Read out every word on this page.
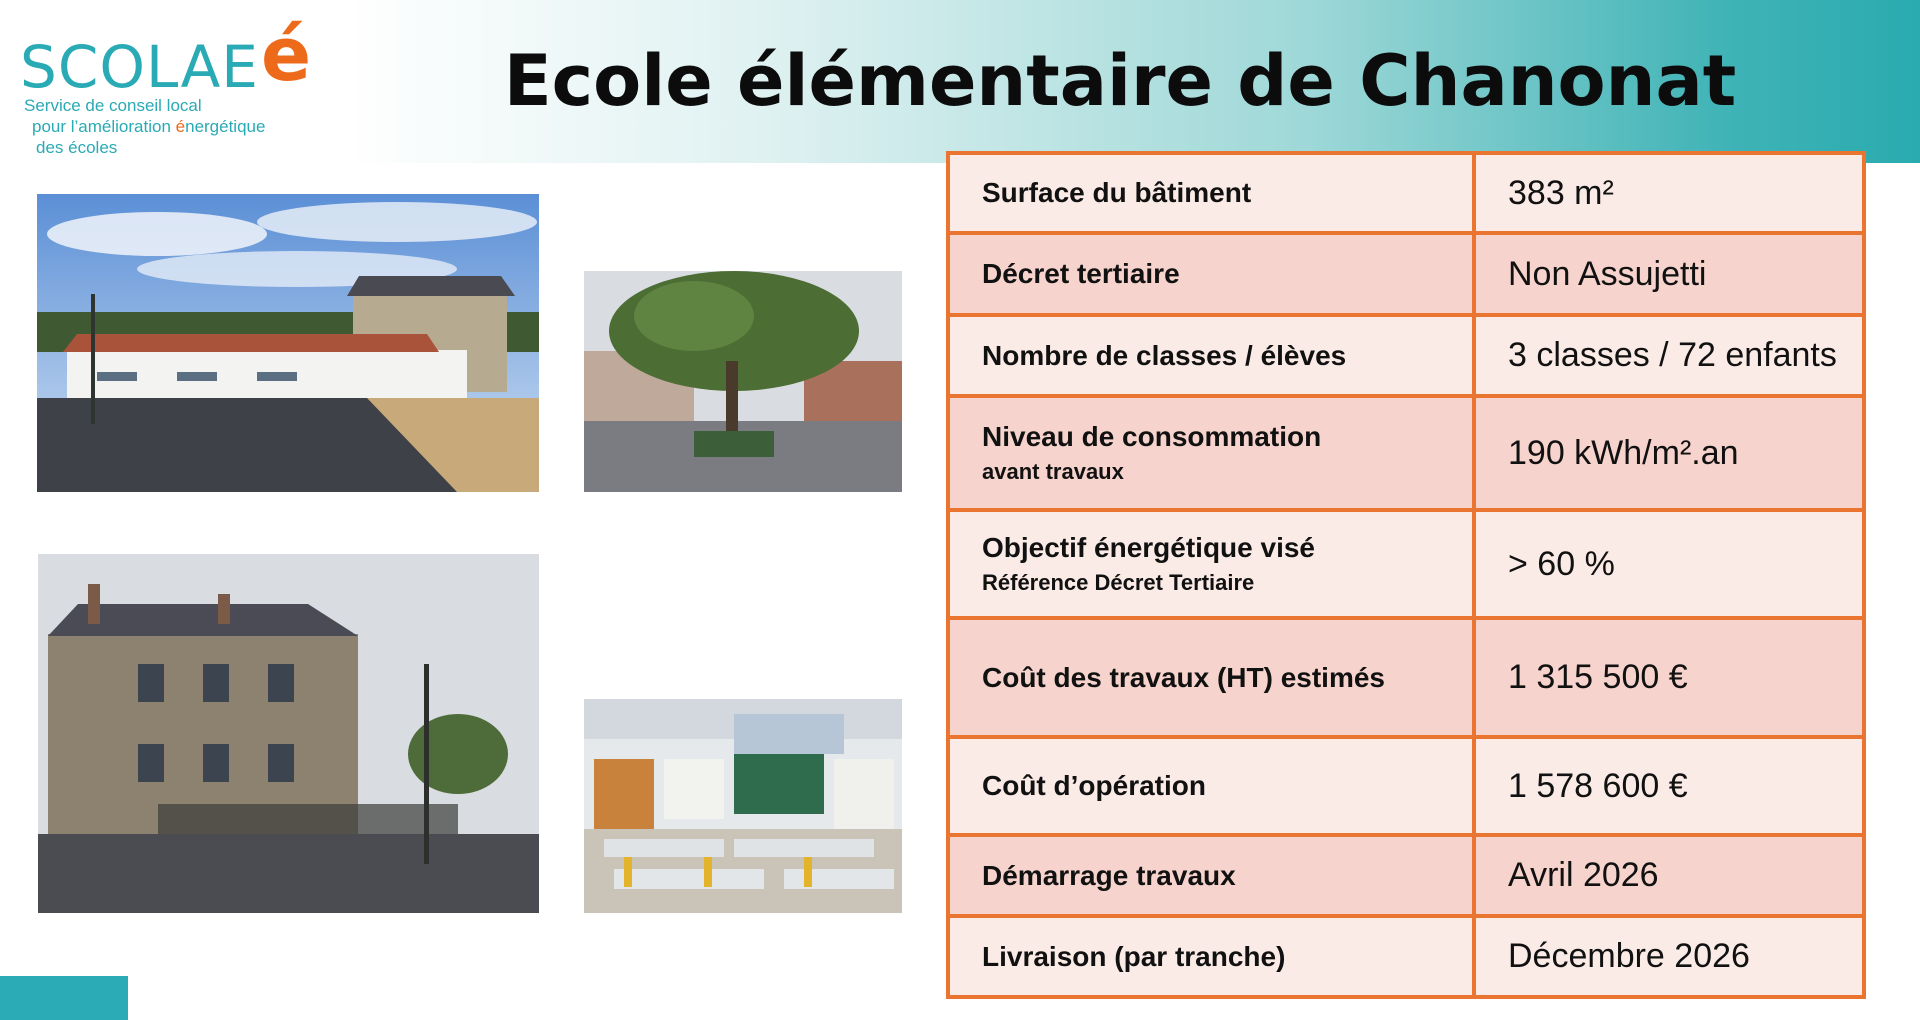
SCOLAEé
Service de conseil local
pour l’amélioration énergétique
des écoles
Ecole élémentaire de Chanonat
Surface du bâtiment	383 m²
Décret tertiaire	Non Assujetti
Nombre de classes / élèves	3 classes / 72 enfants
Niveau de consommation
avant travaux	190 kWh/m².an
Objectif énergétique visé
Référence Décret Tertiaire	> 60 %
Coût des travaux (HT) estimés	1 315 500 €
Coût d’opération	1 578 600 €
Démarrage travaux	Avril 2026
Livraison (par tranche)	Décembre 2026
